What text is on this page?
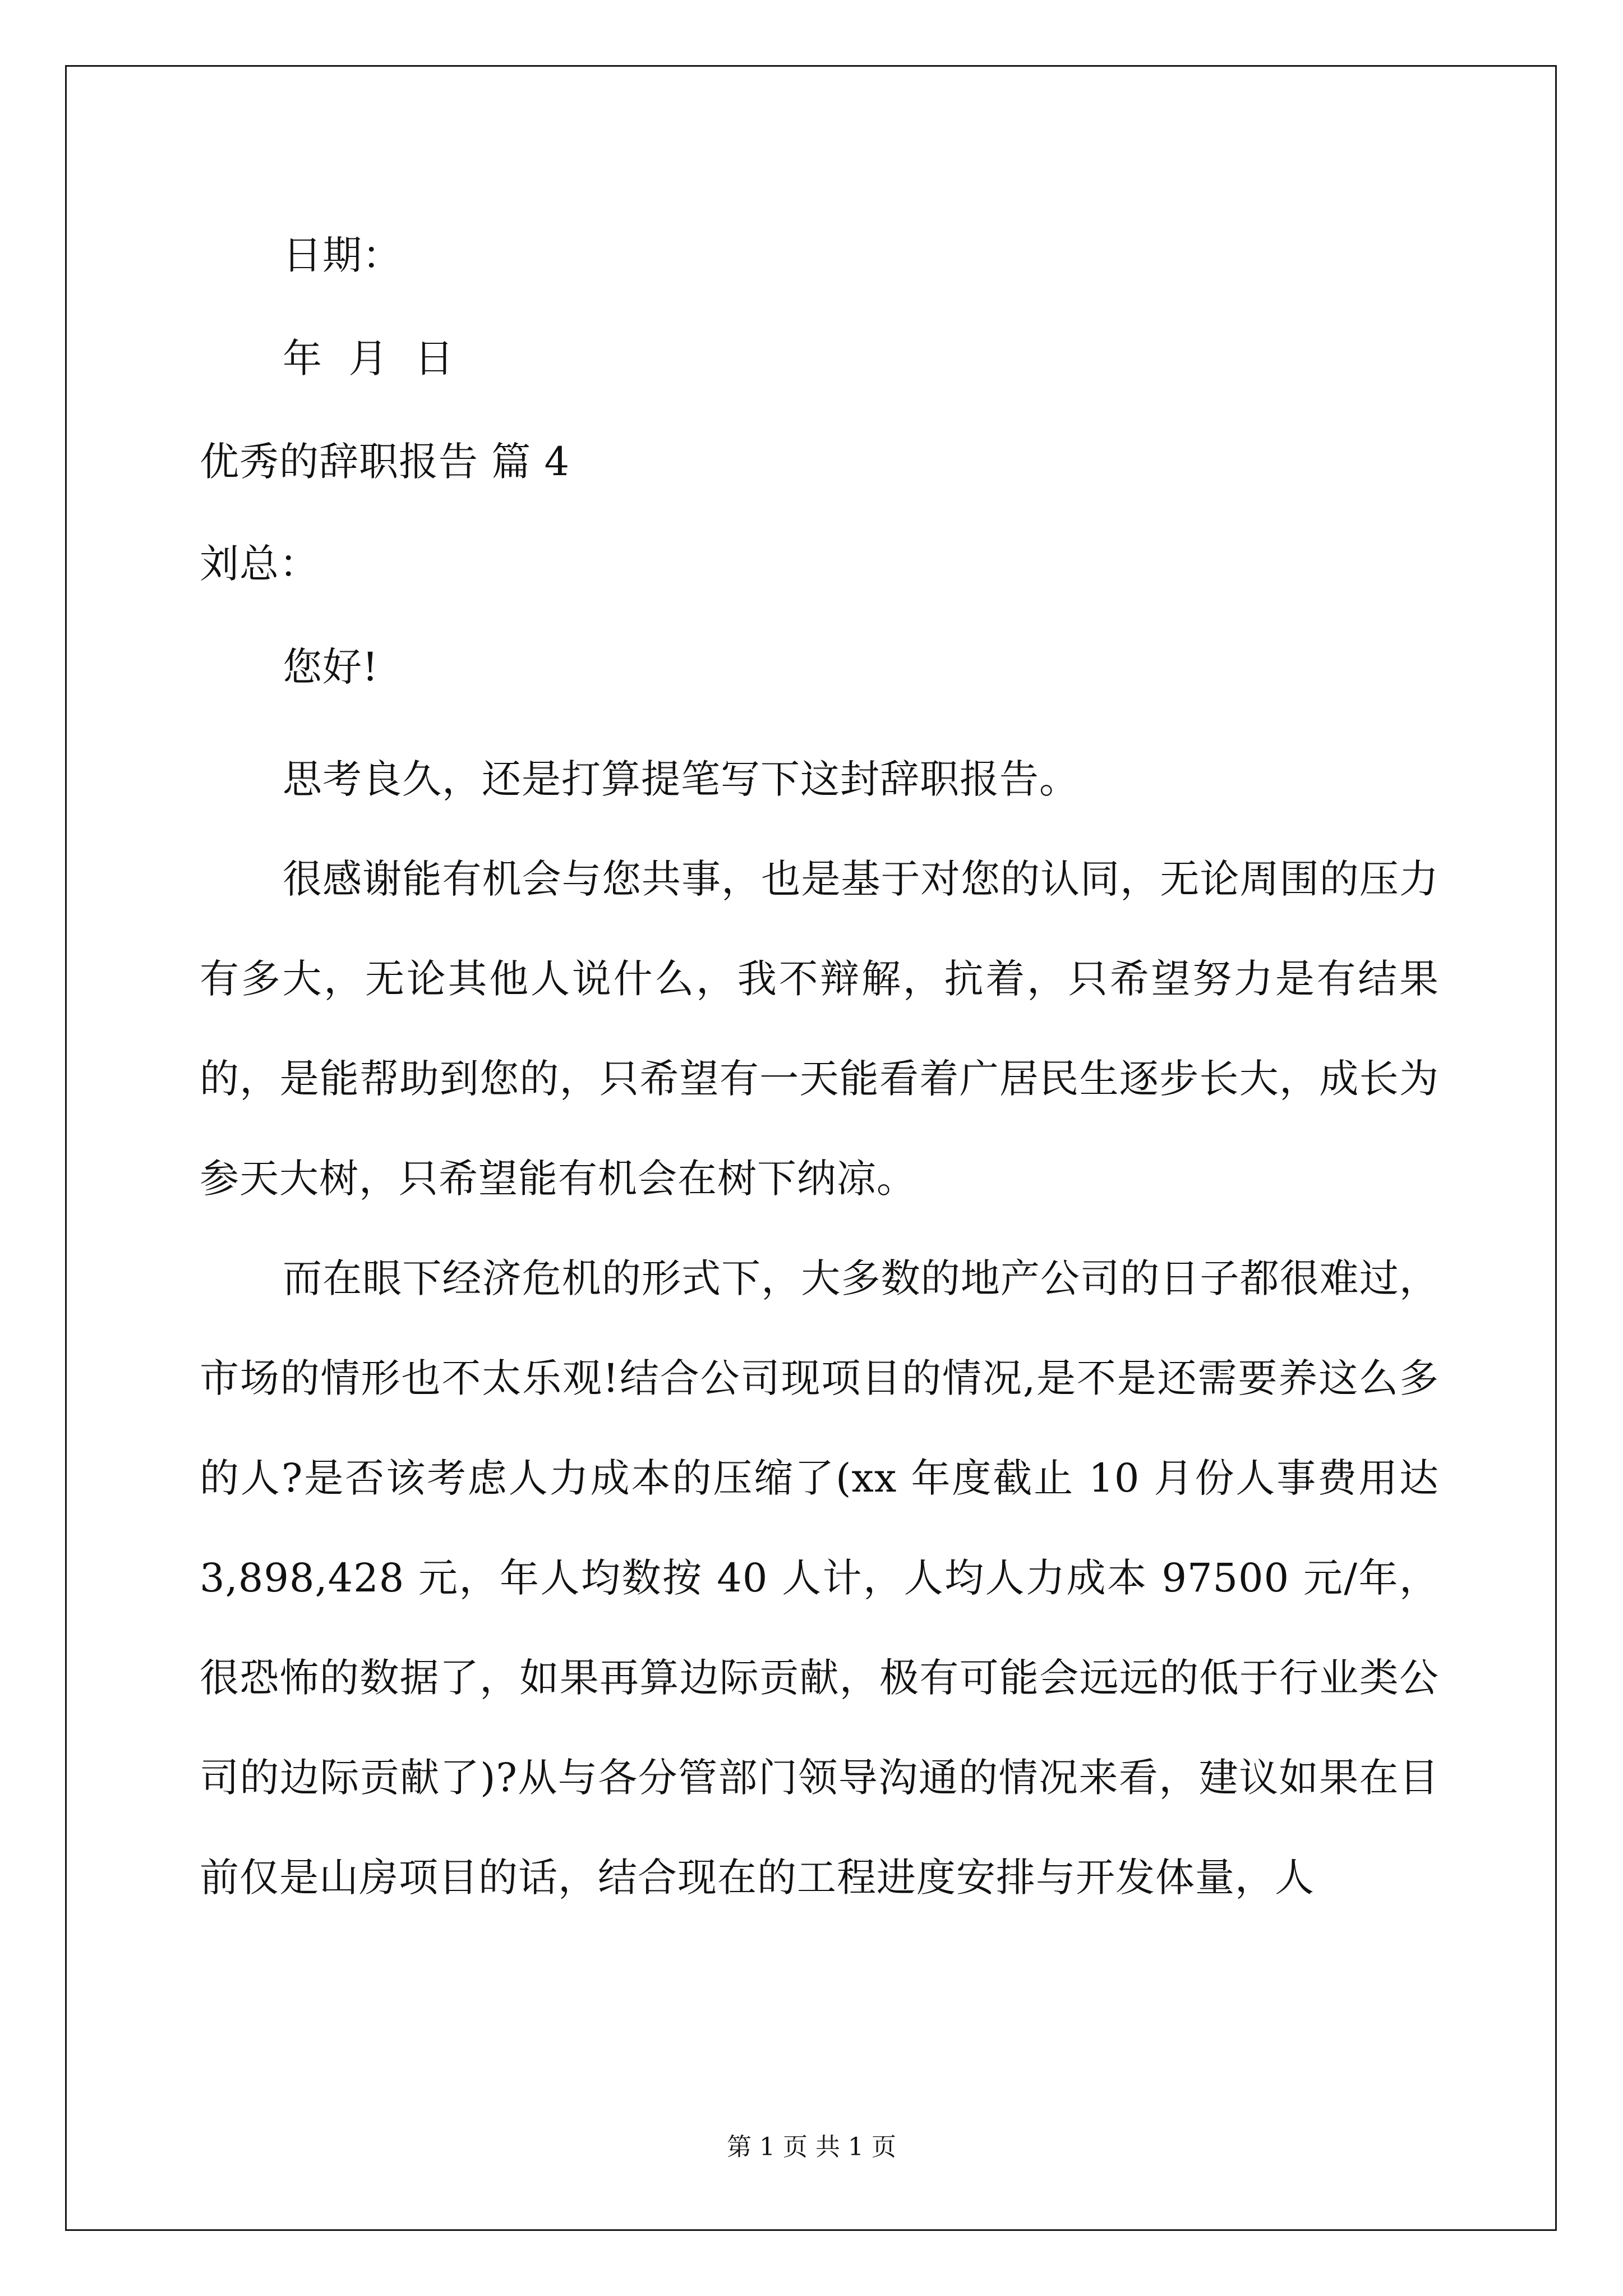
日期：
年  月  日
优秀的辞职报告 篇 4
刘总：
您好!
思考良久，还是打算提笔写下这封辞职报告。
很感谢能有机会与您共事，也是基于对您的认同，无论周围的压力有多大，无论其他人说什么，我不辩解，抗着，只希望努力是有结果的，是能帮助到您的，只希望有一天能看着广居民生逐步长大，成长为参天大树，只希望能有机会在树下纳凉。
而在眼下经济危机的形式下，大多数的地产公司的日子都很难过，市场的情形也不太乐观!结合公司现项目的情况,是不是还需要养这么多的人?是否该考虑人力成本的压缩了(xx 年度截止 10 月份人事费用达 3,898,428 元，年人均数按 40 人计，人均人力成本 97500 元/年，很恐怖的数据了，如果再算边际贡献，极有可能会远远的低于行业类公司的边际贡献了)?从与各分管部门领导沟通的情况来看，建议如果在目前仅是山房项目的话，结合现在的工程进度安排与开发体量，人
第 1 页 共 1 页
